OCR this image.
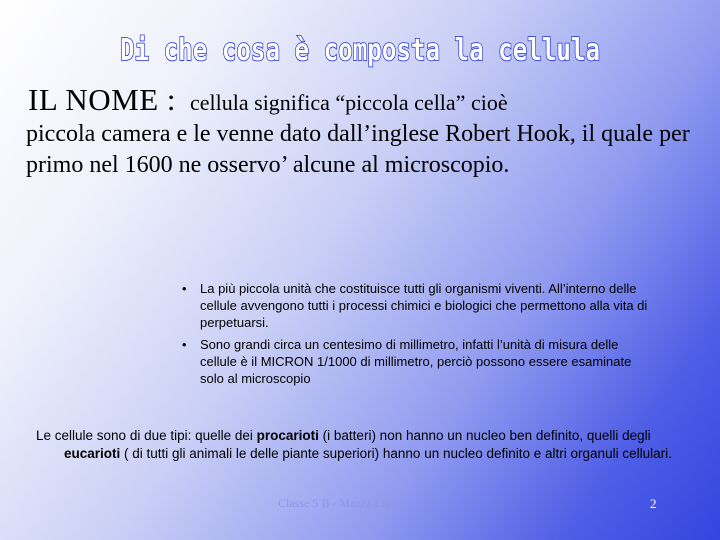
Di che cosa è composta la cellula
IL NOME : cellula significa “piccola cella” cioè
piccola camera e le venne dato dall’inglese Robert Hook, il quale per primo nel 1600 ne osservo’ alcune al microscopio.
• La più piccola unità che costituisce tutti gli organismi viventi. All’interno delle cellule avvengono tutti i processi chimici e biologici che permettono alla vita di perpetuarsi.
• Sono grandi circa un centesimo di millimetro, infatti l’unità di misura delle cellule è il MICRON 1/1000 di millimetro, perciò possono essere esaminate solo al microscopio
Le cellule sono di due tipi: quelle dei procarioti (i batteri) non hanno un nucleo ben definito, quelli degli eucarioti ( di tutti gli animali le delle piante superiori) hanno un nucleo definito e altri organuli cellulari.
Classe 5 B - Mazza Enrico	2
